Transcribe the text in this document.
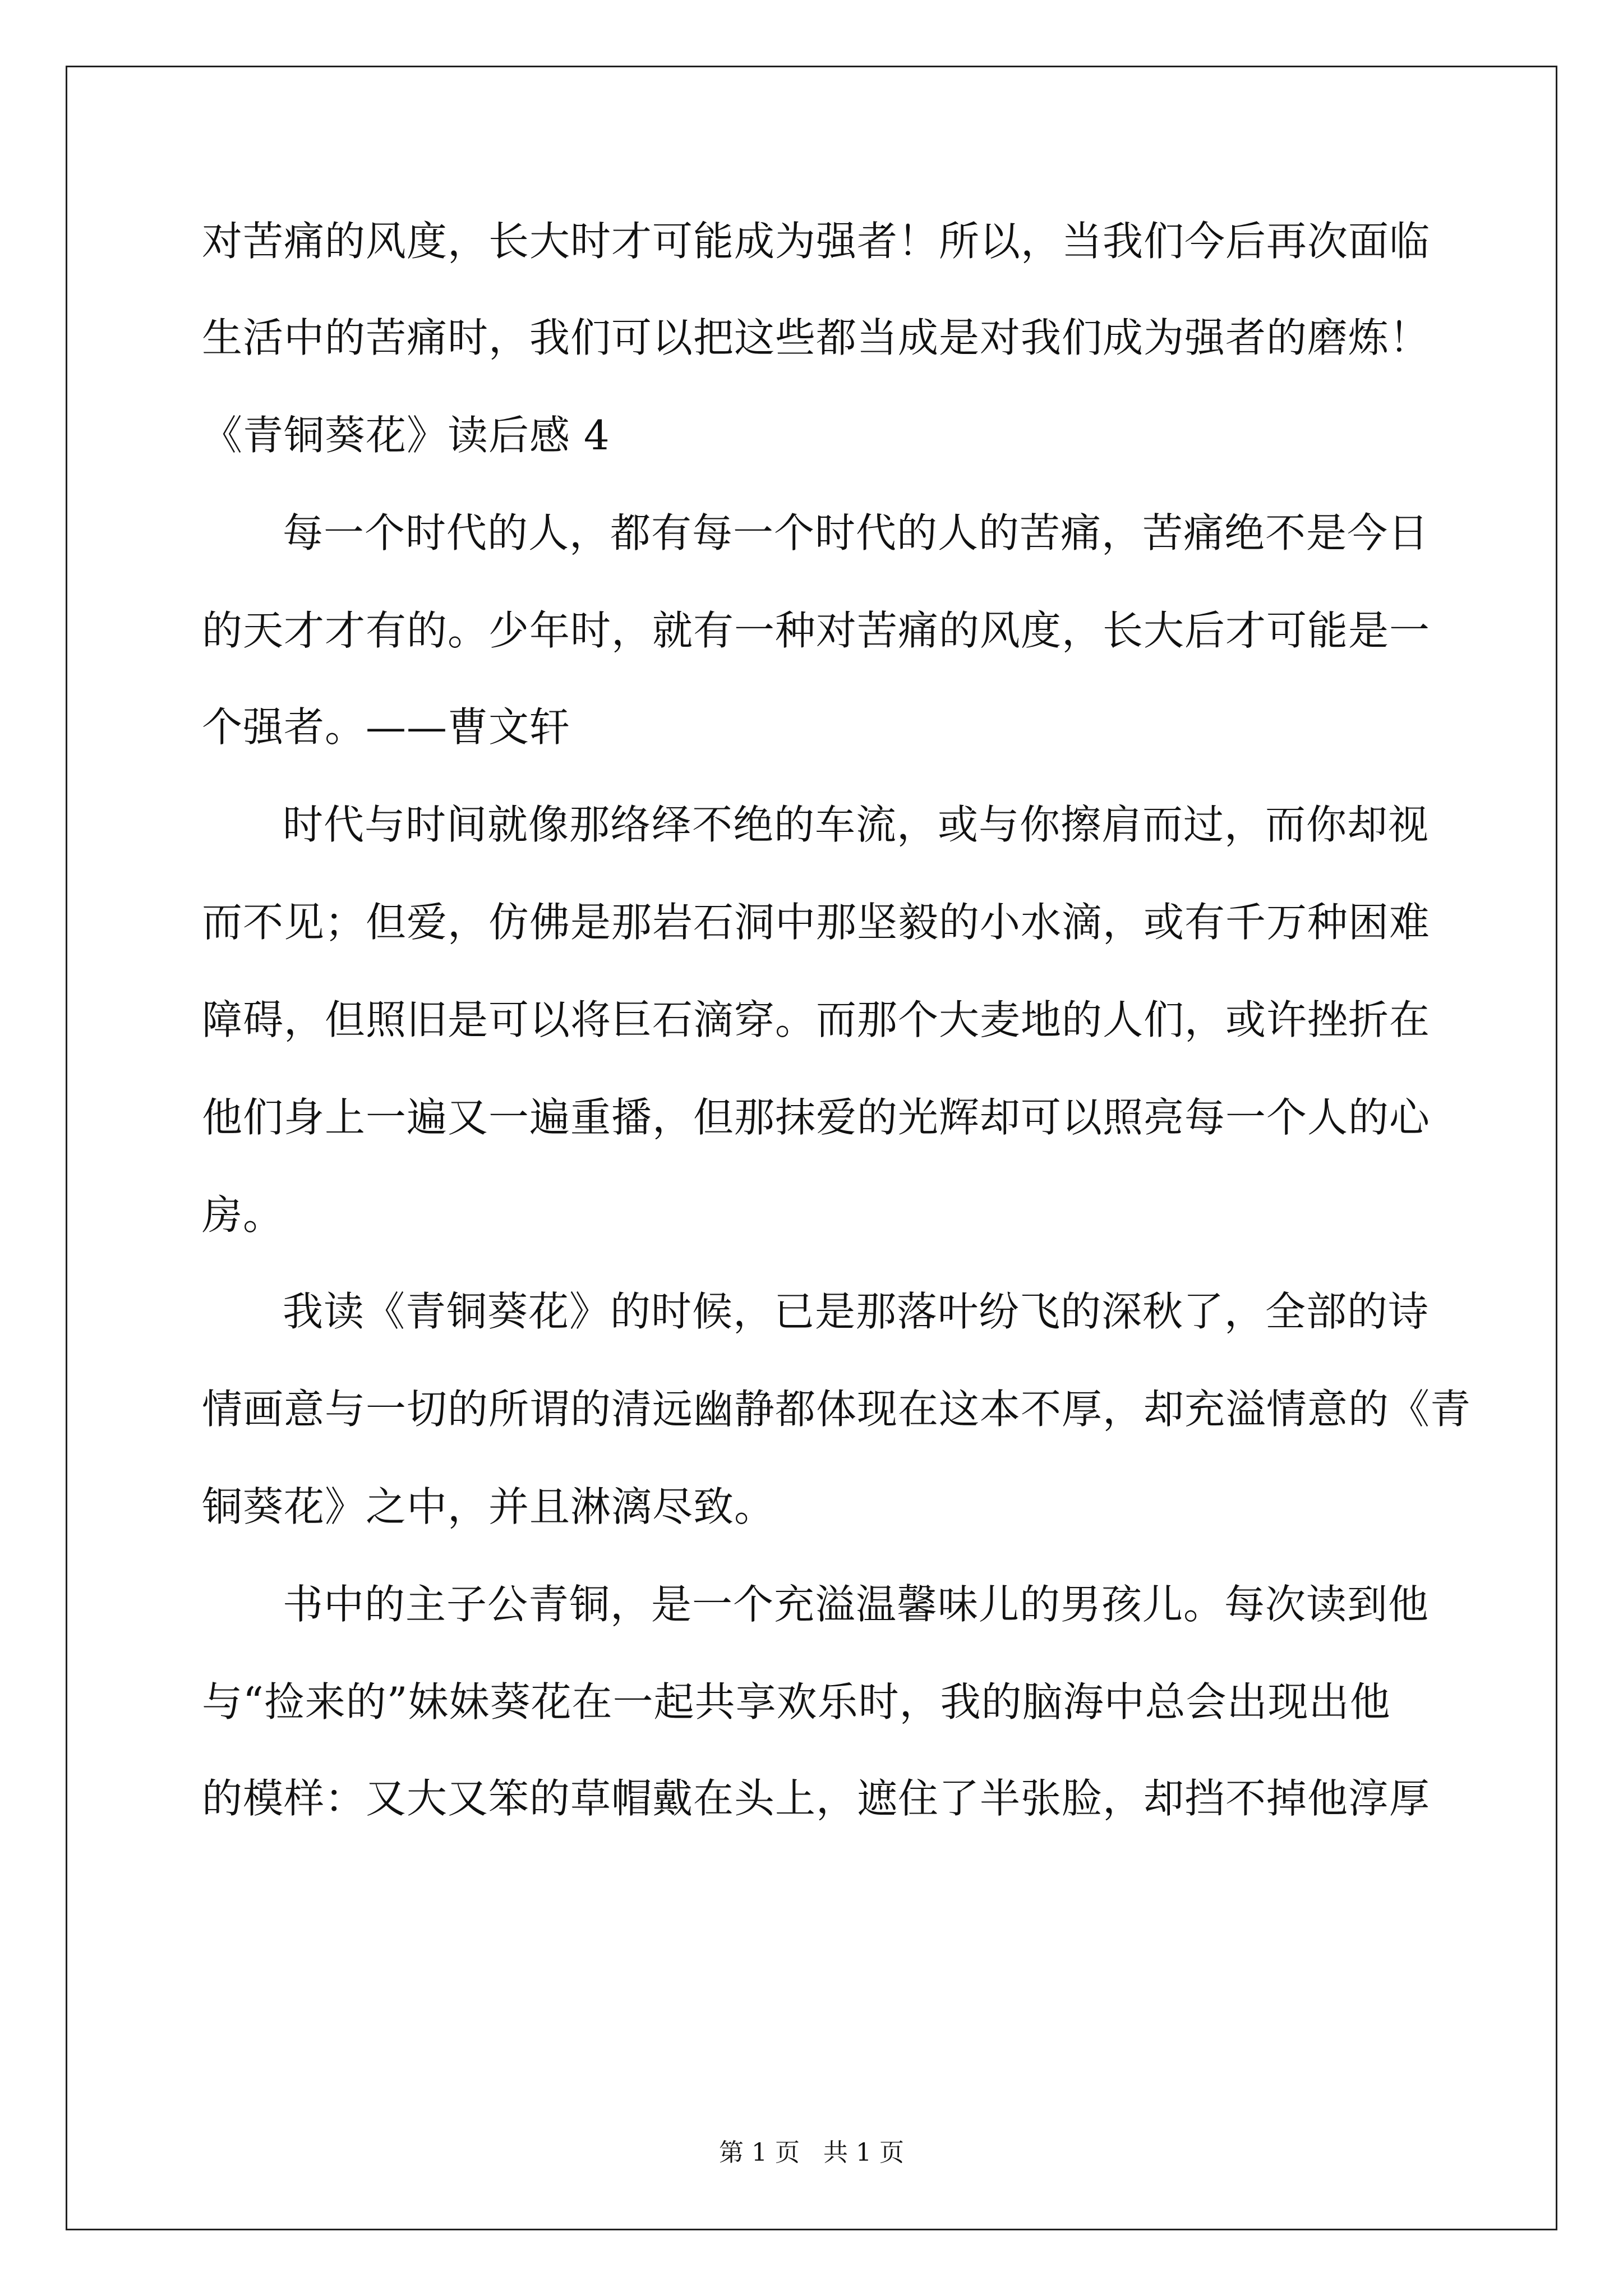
对苦痛的风度，长大时才可能成为强者！所以，当我们今后再次面临
生活中的苦痛时，我们可以把这些都当成是对我们成为强者的磨炼！
《青铜葵花》读后感 4
每一个时代的人，都有每一个时代的人的苦痛，苦痛绝不是今日
的天才才有的。少年时，就有一种对苦痛的风度，长大后才可能是一
个强者。——曹文轩
时代与时间就像那络绎不绝的车流，或与你擦肩而过，而你却视
而不见；但爱，仿佛是那岩石洞中那坚毅的小水滴，或有千万种困难
障碍，但照旧是可以将巨石滴穿。而那个大麦地的人们，或许挫折在
他们身上一遍又一遍重播，但那抹爱的光辉却可以照亮每一个人的心
房。
我读《青铜葵花》的时候，已是那落叶纷飞的深秋了，全部的诗
情画意与一切的所谓的清远幽静都体现在这本不厚，却充溢情意的《青
铜葵花》之中，并且淋漓尽致。
书中的主子公青铜，是一个充溢温馨味儿的男孩儿。每次读到他
与“捡来的”妹妹葵花在一起共享欢乐时，我的脑海中总会出现出他
的模样：又大又笨的草帽戴在头上，遮住了半张脸，却挡不掉他淳厚
第 1 页 共 1 页
